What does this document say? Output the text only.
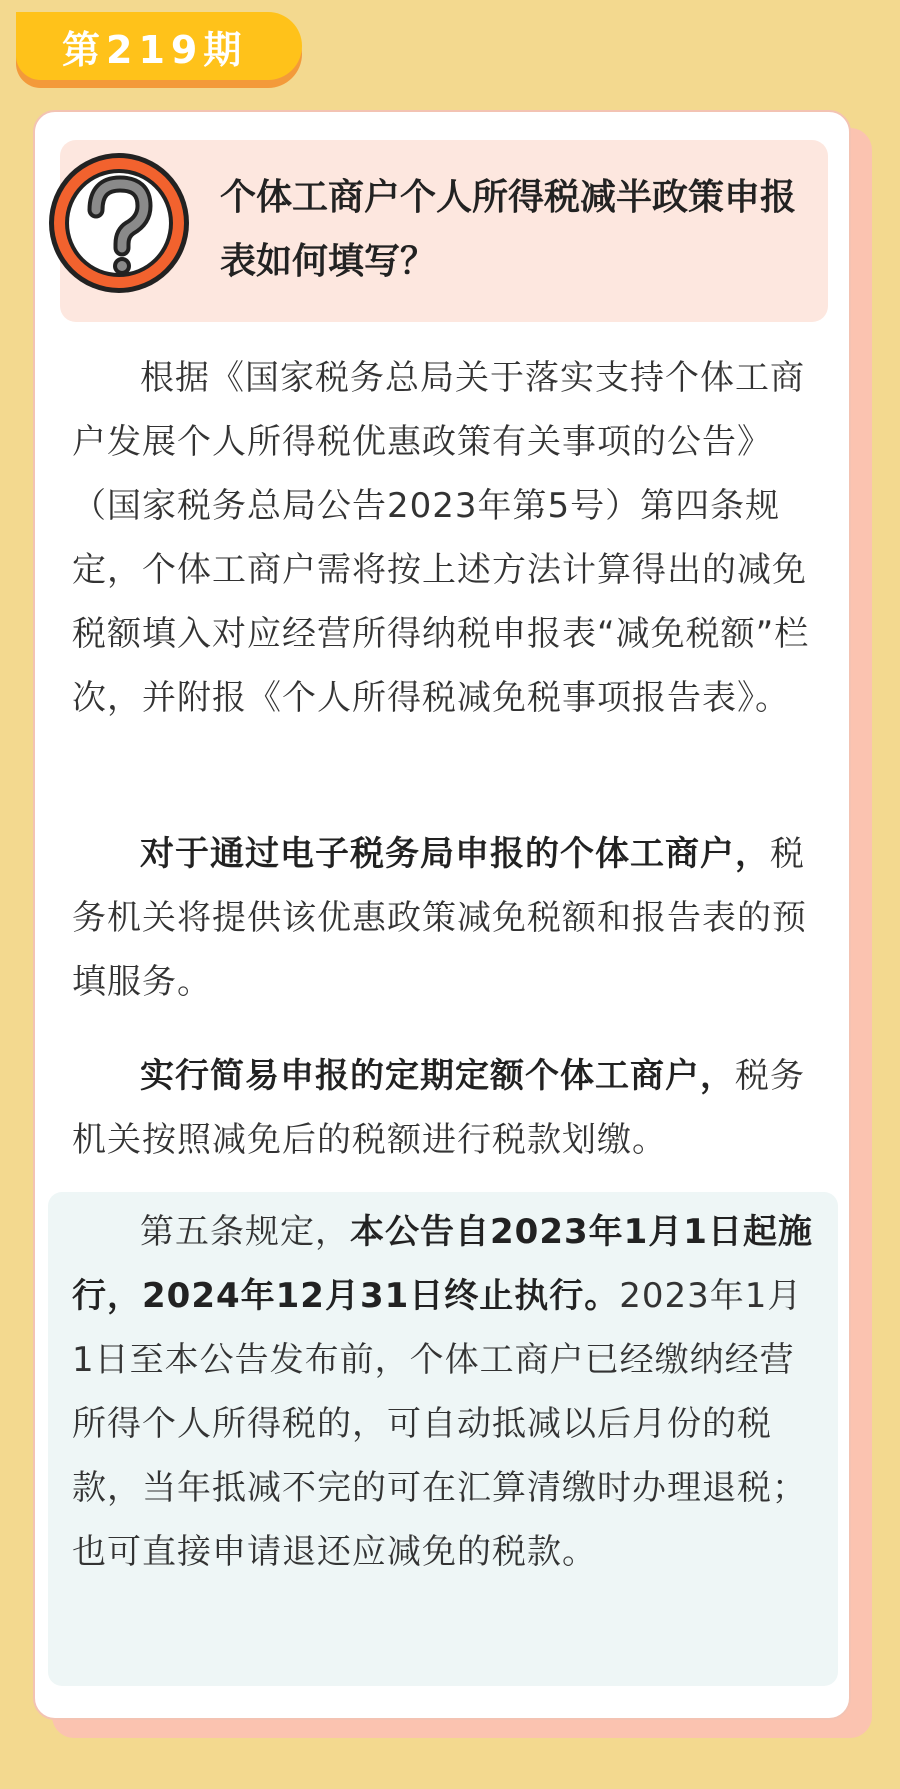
第219期
个体工商户个人所得税减半政策申报表如何填写？

根据《国家税务总局关于落实支持个体工商户发展个人所得税优惠政策有关事项的公告》（国家税务总局公告2023年第5号）第四条规定，个体工商户需将按上述方法计算得出的减免税额填入对应经营所得纳税申报表“减免税额”栏次，并附报《个人所得税减免税事项报告表》。

对于通过电子税务局申报的个体工商户，税务机关将提供该优惠政策减免税额和报告表的预填服务。

实行简易申报的定期定额个体工商户，税务机关按照减免后的税额进行税款划缴。

第五条规定，本公告自2023年1月1日起施行，2024年12月31日终止执行。2023年1月1日至本公告发布前，个体工商户已经缴纳经营所得个人所得税的，可自动抵减以后月份的税款，当年抵减不完的可在汇算清缴时办理退税；也可直接申请退还应减免的税款。
